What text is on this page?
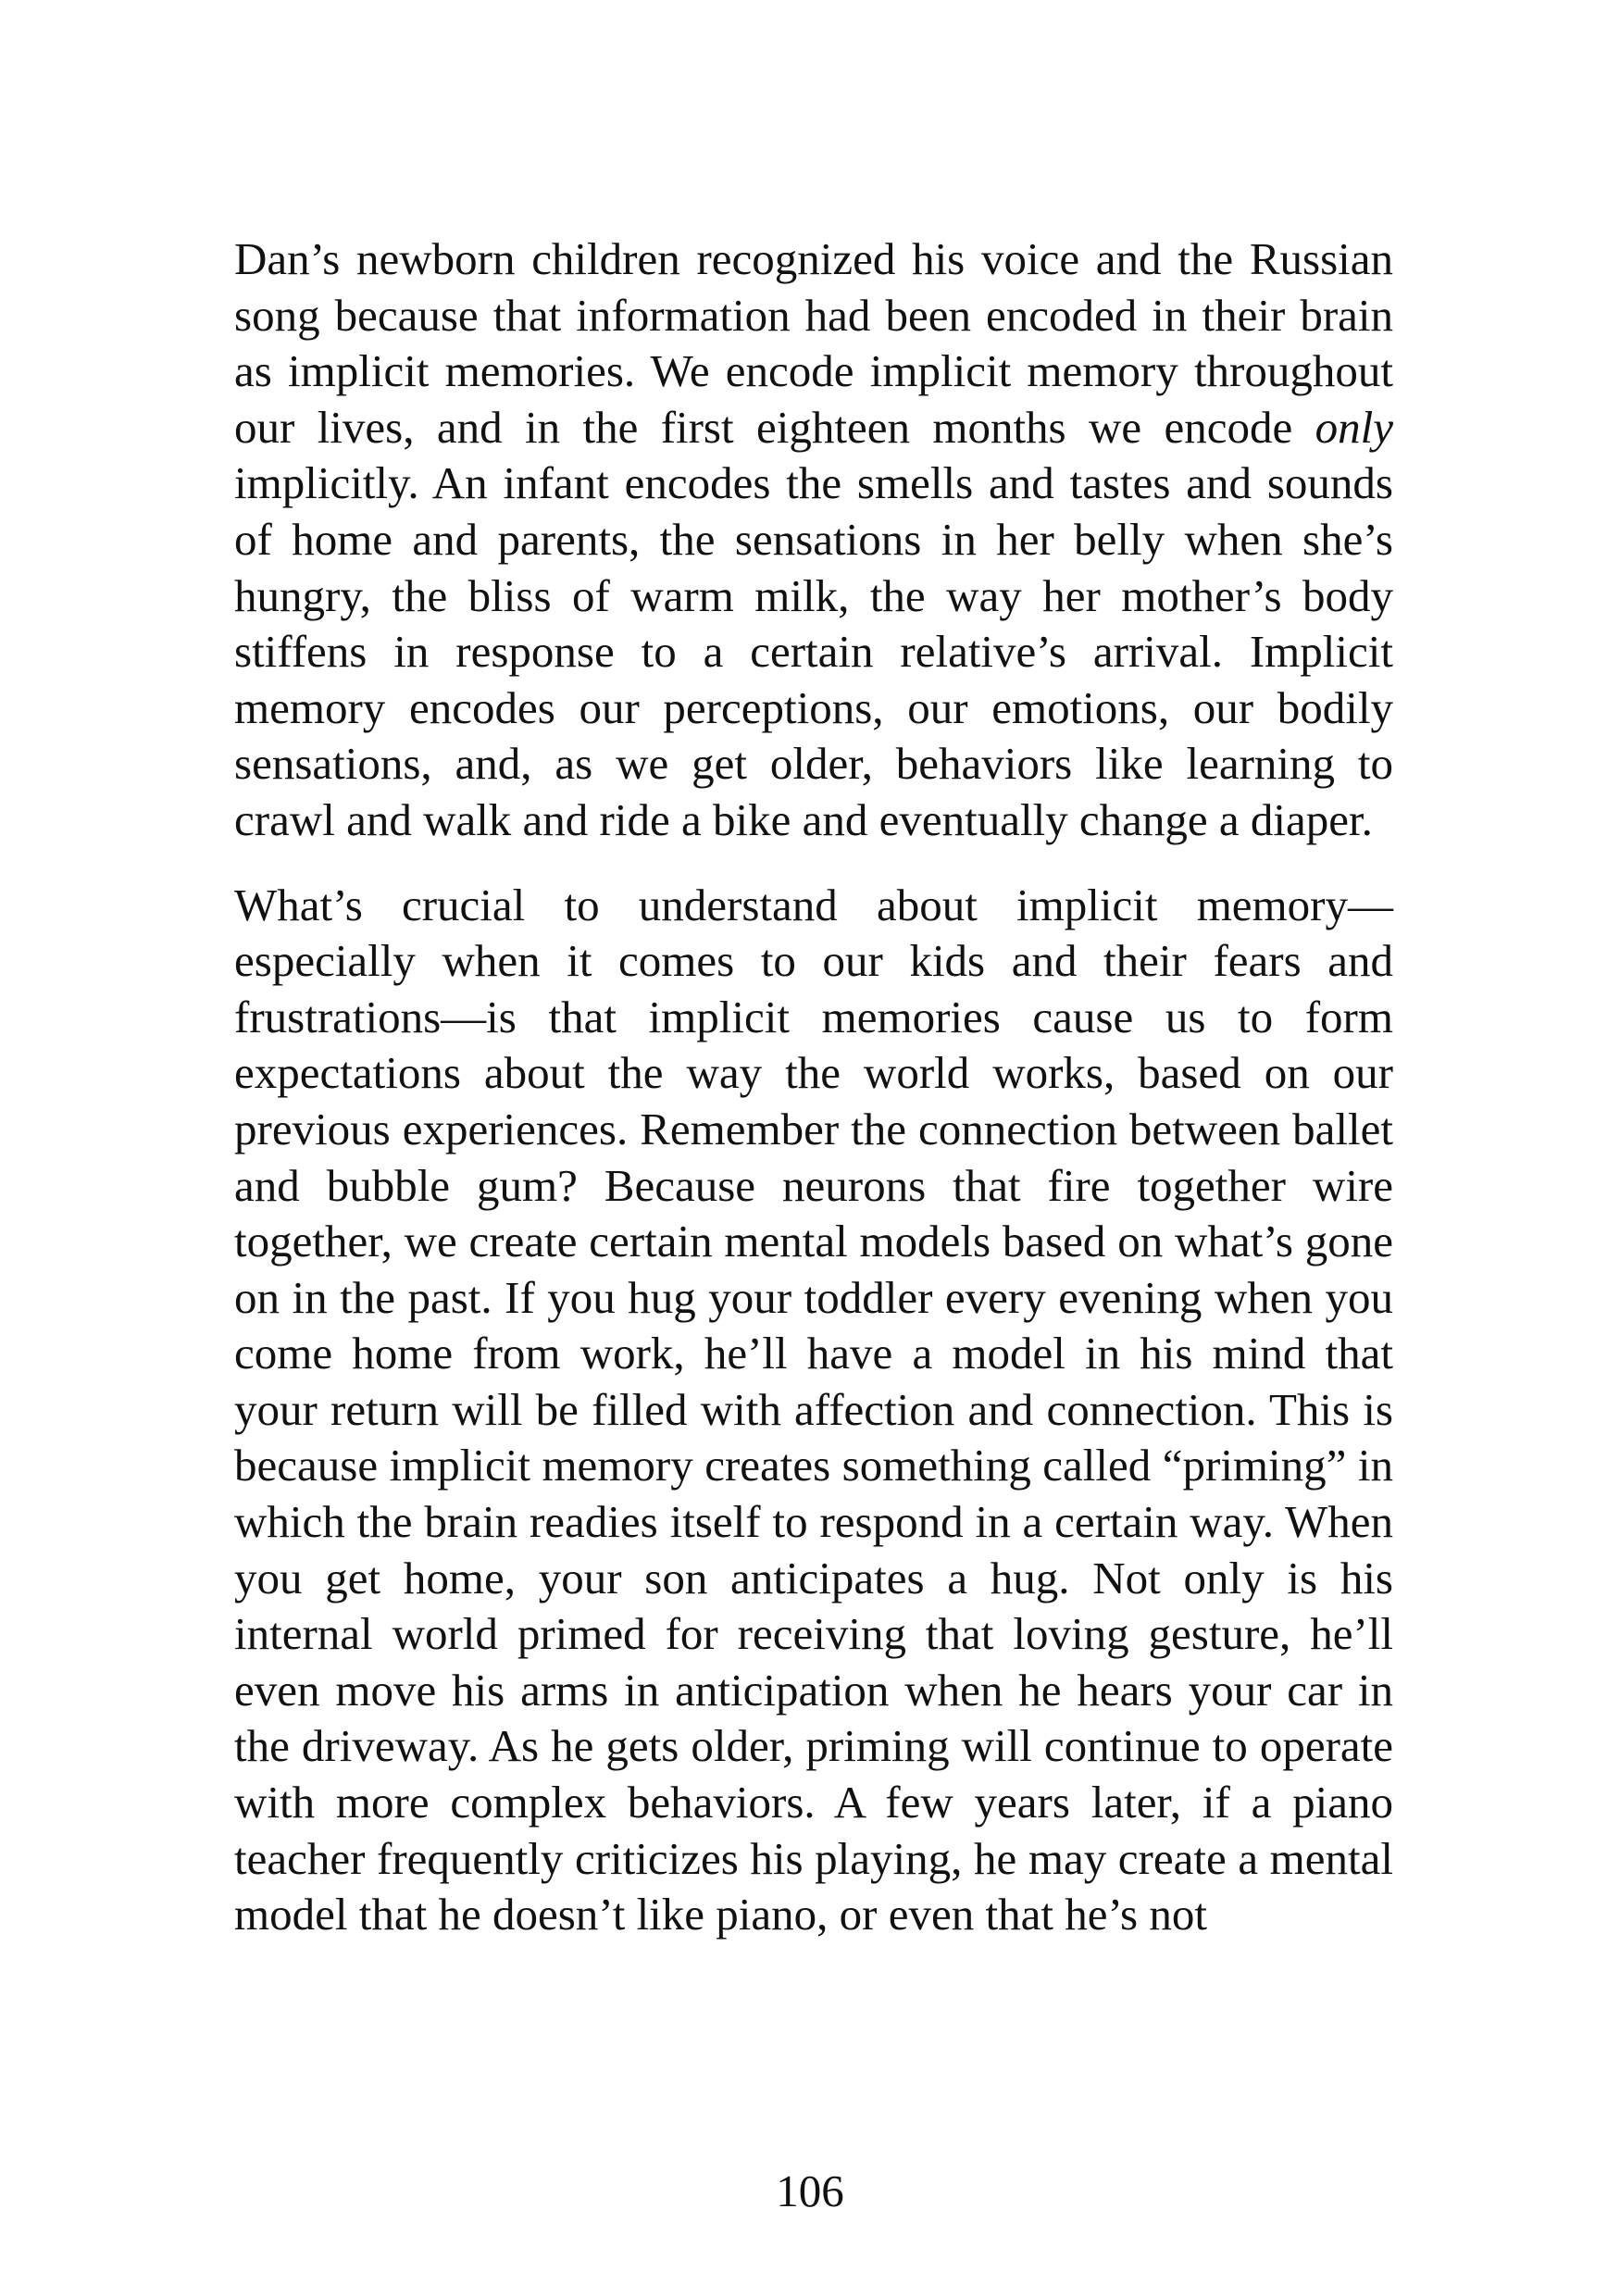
Dan’s newborn children recognized his voice and the Russian song because that information had been encoded in their brain as implicit memories. We encode implicit memory throughout our lives, and in the first eighteen months we encode only implicitly. An infant encodes the smells and tastes and sounds of home and parents, the sensations in her belly when she’s hungry, the bliss of warm milk, the way her mother’s body stiffens in response to a certain relative’s arrival. Implicit memory encodes our perceptions, our emotions, our bodily sensations, and, as we get older, behaviors like learning to crawl and walk and ride a bike and eventually change a diaper.

What’s crucial to understand about implicit memory—especially when it comes to our kids and their fears and frustrations—is that implicit memories cause us to form expectations about the way the world works, based on our previous experiences. Remember the connection between ballet and bubble gum? Because neurons that fire together wire together, we create certain mental models based on what’s gone on in the past. If you hug your toddler every evening when you come home from work, he’ll have a model in his mind that your return will be filled with affection and connection. This is because implicit memory creates something called “priming” in which the brain readies itself to respond in a certain way. When you get home, your son anticipates a hug. Not only is his internal world primed for receiving that loving gesture, he’ll even move his arms in anticipation when he hears your car in the driveway. As he gets older, priming will continue to operate with more complex behaviors. A few years later, if a piano teacher frequently criticizes his playing, he may create a mental model that he doesn’t like piano, or even that he’s not

106
